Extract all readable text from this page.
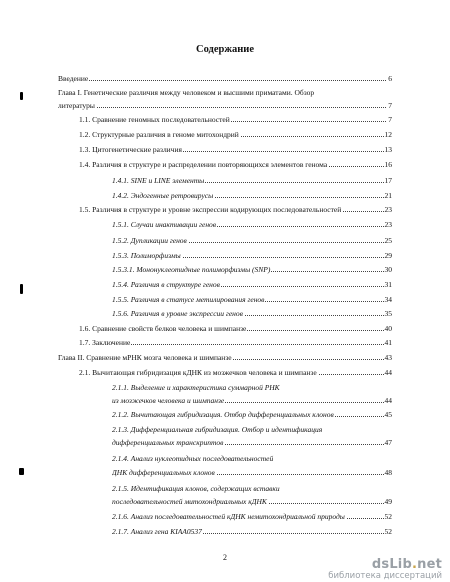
Содержание
Введение	6
Глава I. Генетические различия между человеком и высшими приматами. Обзор
литературы	7
1.1. Сравнение геномных последовательностей	7
1.2. Структурные различия в геноме митохондрий	12
1.3. Цитогенетические различия	13
1.4. Различия в структуре и распределении повторяющихся элементов генома	16
1.4.1. SINE и LINE элементы	17
1.4.2. Эндогенные ретровирусы	21
1.5. Различия в структуре и уровне экспрессии кодирующих последовательностей	23
1.5.1. Случаи инактивации генов	23
1.5.2. Дупликации генов	25
1.5.3. Полиморфизмы	29
1.5.3.1. Мононуклеотидные полиморфизмы (SNP)	30
1.5.4. Различия в структуре генов	31
1.5.5. Различия в статусе метилирования генов	34
1.5.6. Различия в уровне экспрессии генов	35
1.6. Сравнение свойств белков человека и шимпанзе	40
1.7. Заключение	41
Глава II. Сравнение мРНК мозга человека и шимпанзе	43
2.1. Вычитающая гибридизация кДНК из мозжечков человека и шимпанзе	44
2.1.1. Выделение и характеристика суммарной РНК
из мозжечков человека и шимпанзе	44
2.1.2. Вычитающая гибридизация. Отбор дифференциальных клонов	45
2.1.3. Дифференциальная гибридизация. Отбор и идентификация
дифференциальных транскриптов	47
2.1.4. Анализ нуклеотидных последовательностей
ДНК дифференциальных клонов	48
2.1.5. Идентификация клонов, содержащих вставки
последовательностей митохондриальных кДНК	49
2.1.6. Анализ последовательностей кДНК немитохондриальной природы	52
2.1.7. Анализ гена KIAA0537	52
2	dsLib.net
библиотека диссертаций
